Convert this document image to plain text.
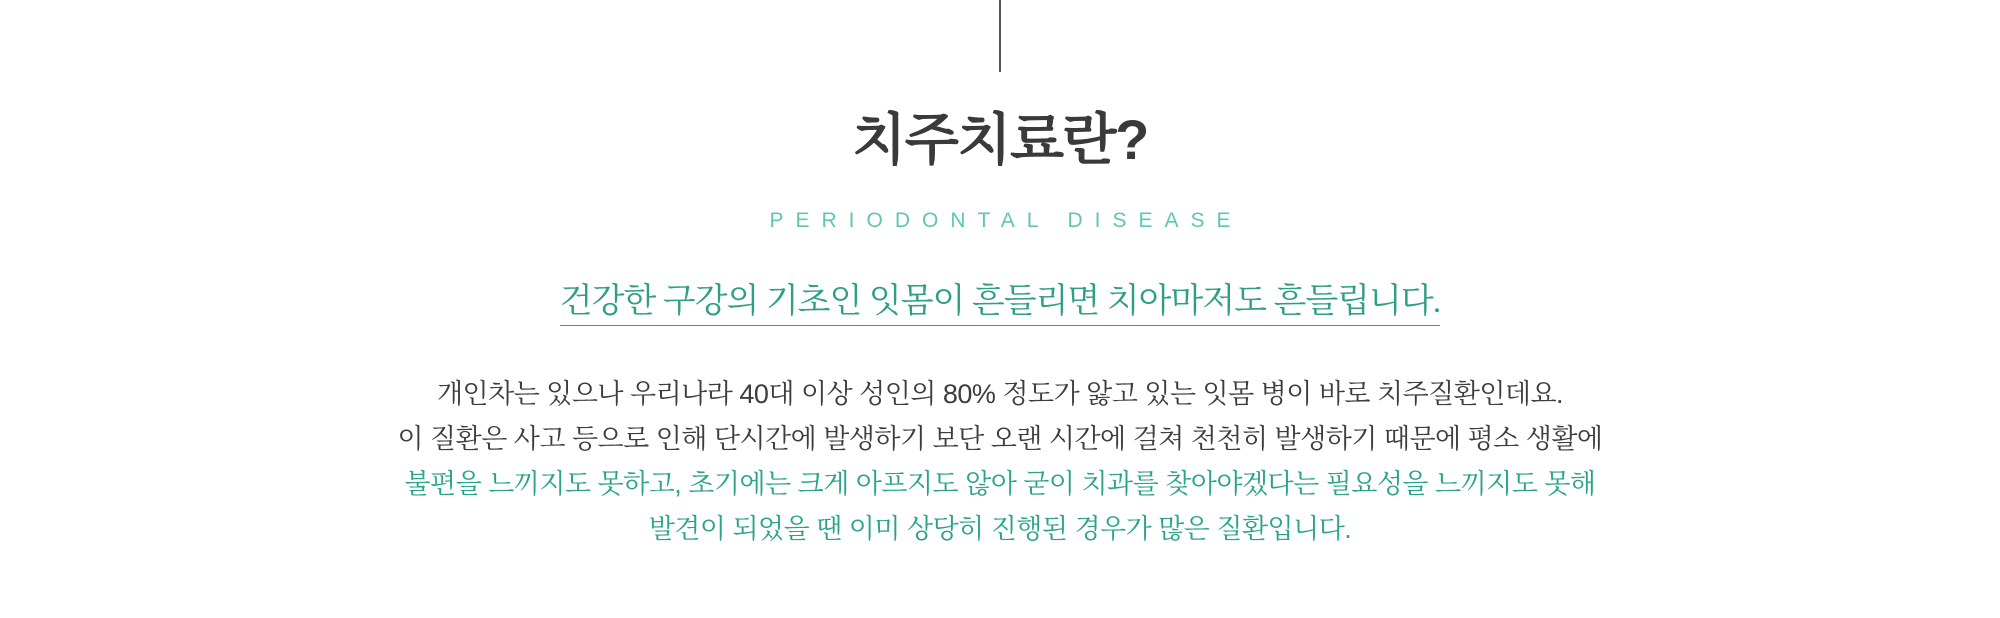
치주치료란?
PERIODONTAL DISEASE
건강한 구강의 기초인 잇몸이 흔들리면 치아마저도 흔들립니다.

개인차는 있으나 우리나라 40대 이상 성인의 80% 정도가 앓고 있는 잇몸 병이 바로 치주질환인데요.

이 질환은 사고 등으로 인해 단시간에 발생하기 보단 오랜 시간에 걸쳐 천천히 발생하기 때문에 평소 생활에

불편을 느끼지도 못하고, 초기에는 크게 아프지도 않아 굳이 치과를 찾아야겠다는 필요성을 느끼지도 못해

발견이 되었을 땐 이미 상당히 진행된 경우가 많은 질환입니다.
